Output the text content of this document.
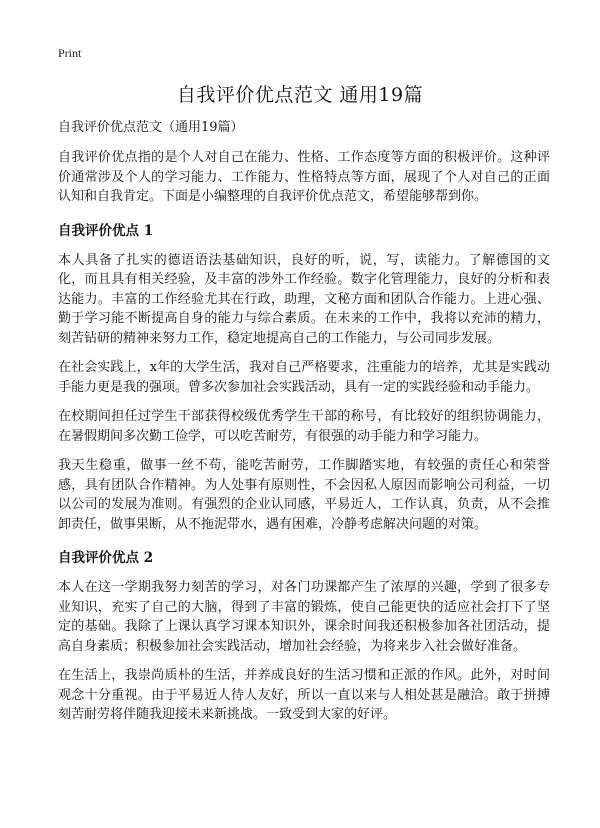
Print
自我评价优点范文 通用19篇
自我评价优点范文（通用19篇）

自我评价优点指的是个人对自己在能力、性格、工作态度等方面的积极评价。这种评价通常涉及个人的学习能力、工作能力、性格特点等方面，展现了个人对自己的正面认知和自我肯定。下面是小编整理的自我评价优点范文，希望能够帮到你。

自我评价优点 1

本人具备了扎实的德语语法基础知识，良好的听，说，写，读能力。了解德国的文化，而且具有相关经验，及丰富的涉外工作经验。数字化管理能力，良好的分析和表达能力。丰富的工作经验尤其在行政，助理，文秘方面和团队合作能力。上进心强、勤于学习能不断提高自身的能力与综合素质。在未来的工作中，我将以充沛的精力，刻苦钻研的精神来努力工作，稳定地提高自己的工作能力，与公司同步发展。

在社会实践上，x年的大学生活，我对自己严格要求，注重能力的培养，尤其是实践动手能力更是我的强项。曾多次参加社会实践活动，具有一定的实践经验和动手能力。

在校期间担任过学生干部获得校级优秀学生干部的称号，有比较好的组织协调能力，在暑假期间多次勤工俭学，可以吃苦耐劳，有很强的动手能力和学习能力。

我天生稳重，做事一丝不苟，能吃苦耐劳，工作脚踏实地，有较强的责任心和荣誉感，具有团队合作精神。为人处事有原则性，不会因私人原因而影响公司利益，一切以公司的发展为准则。有强烈的企业认同感，平易近人，工作认真，负责，从不会推卸责任，做事果断，从不拖泥带水，遇有困难，冷静考虑解决问题的对策。

自我评价优点 2

本人在这一学期我努力刻苦的学习，对各门功课都产生了浓厚的兴趣，学到了很多专业知识，充实了自己的大脑，得到了丰富的锻炼，使自己能更快的适应社会打下了坚定的基础。我除了上课认真学习课本知识外，课余时间我还积极参加各社团活动，提高自身素质；积极参加社会实践活动，增加社会经验，为将来步入社会做好准备。

在生活上，我崇尚质朴的生活，并养成良好的生活习惯和正派的作风。此外，对时间观念十分重视。由于平易近人待人友好，所以一直以来与人相处甚是融洽。敢于拼搏刻苦耐劳将伴随我迎接未来新挑战。一致受到大家的好评。
